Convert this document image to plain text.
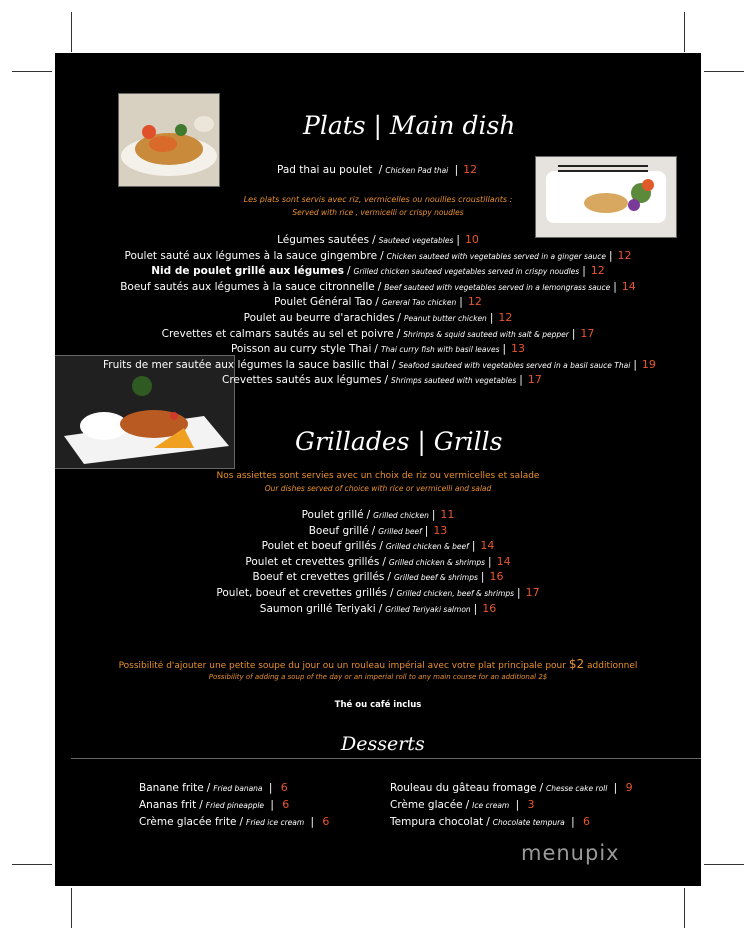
Plats | Main dish
Pad thai au poulet / Chicken Pad thai | 12
Les plats sont servis avec riz, vermicelles ou nouilles croustillants :
Served with rice , vermicelli or crispy noudles
Légumes sautées / Sauteed vegetables | 10
Poulet sauté aux légumes à la sauce gingembre / Chicken sauteed with vegetables served in a ginger sauce | 12
Nid de poulet grillé aux légumes / Grilled chicken sauteed vegetables served in crispy noudles | 12
Boeuf sautés aux légumes à la sauce citronnelle / Beef sauteed with vegetables served in a lemongrass sauce | 14
Poulet Général Tao / Gereral Tao chicken | 12
Poulet au beurre d'arachides / Peanut butter chicken | 12
Crevettes et calmars sautés au sel et poivre / Shrimps & squid sauteed with salt & pepper | 17
Poisson au curry style Thai / Thai curry fish with basil leaves | 13
Fruits de mer sautée aux légumes la sauce basilic thai / Seafood sauteed with vegetables served in a basil sauce Thai | 19
Crevettes sautés aux légumes / Shrimps sauteed with vegetables | 17
Grillades | Grills
Nos assiettes sont servies avec un choix de riz ou vermicelles et salade
Our dishes served of choice with rice or vermicelli and salad
Poulet grillé / Grilled chicken | 11
Boeuf grillé / Grilled beef | 13
Poulet et boeuf grillés / Grilled chicken & beef | 14
Poulet et crevettes grillés / Grilled chicken & shrimps | 14
Boeuf et crevettes grillés / Grilled beef & shrimps | 16
Poulet, boeuf et crevettes grillés / Grilled chicken, beef & shrimps | 17
Saumon grillé Teriyaki / Grilled Teriyaki salmon | 16
Possibilité d'ajouter une petite soupe du jour ou un rouleau impérial avec votre plat principale pour $2 additionnel
Possibility of adding a soup of the day or an imperial roll to any main course for an additional 2$
Thé ou café inclus
Desserts
Banane frite / Fried banana | 6
Ananas frit / Fried pineapple | 6
Crème glacée frite / Fried ice cream | 6
Rouleau du gâteau fromage / Chesse cake roll | 9
Crème glacée / Ice cream | 3
Tempura chocolat / Chocolate tempura | 6
menupix
